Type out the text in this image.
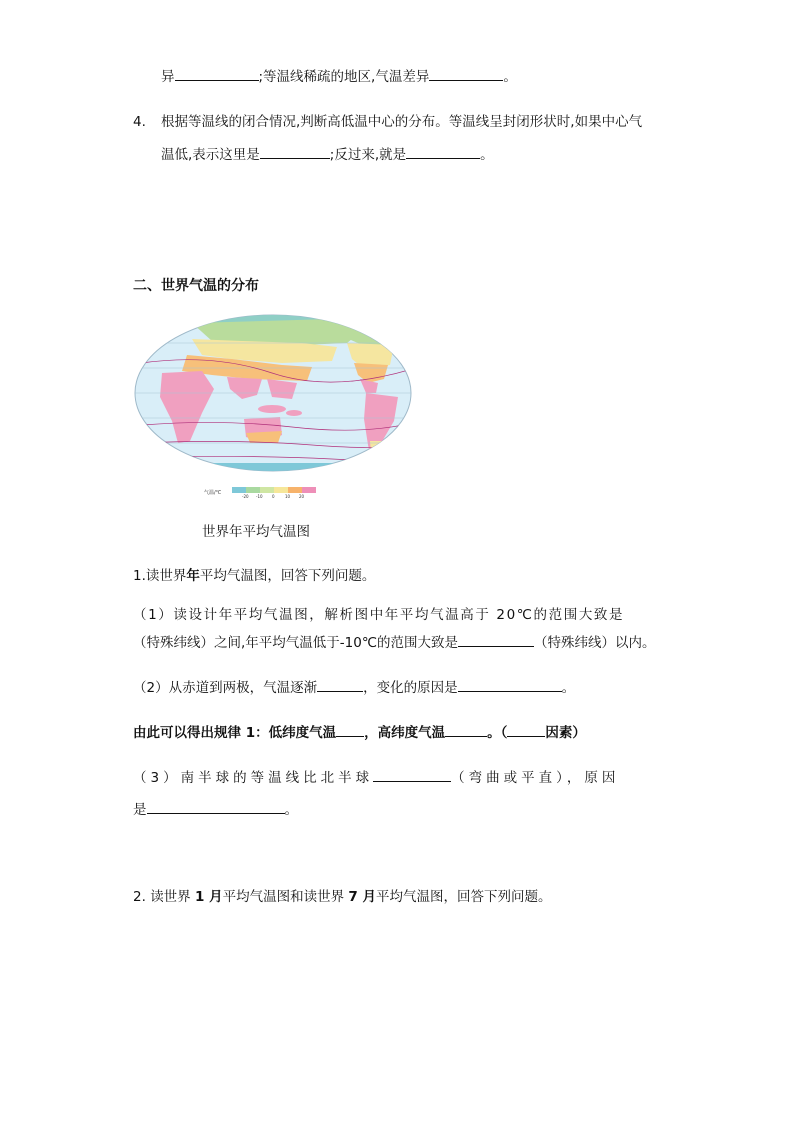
异	;等温线稀疏的地区,气温差异	。
4. 根据等温线的闭合情况,判断高低温中心的分布。等温线呈封闭形状时,如果中心气
温低,表示这里是	;反过来,就是	。
二、世界气温的分布
气温/℃
-20 -10 0	10 20
世界年平均气温图
1.读世界年平均气温图，回答下列问题。
（1）读设计年平均气温图，解析图中年平均气温高于 20℃的范围大致是
（特殊纬线）之间,年平均气温低于-10℃的范围大致是	（特殊纬线）以内。
（2）从赤道到两极，气温逐渐	，变化的原因是	。
由此可以得出规律 1：低纬度气温 ，高纬度气温	。（	因素）
（3）南半球的等温线比北半球	（弯曲或平直），原因
是	。
2. 读世界 1 月平均气温图和读世界 7 月平均气温图，回答下列问题。
